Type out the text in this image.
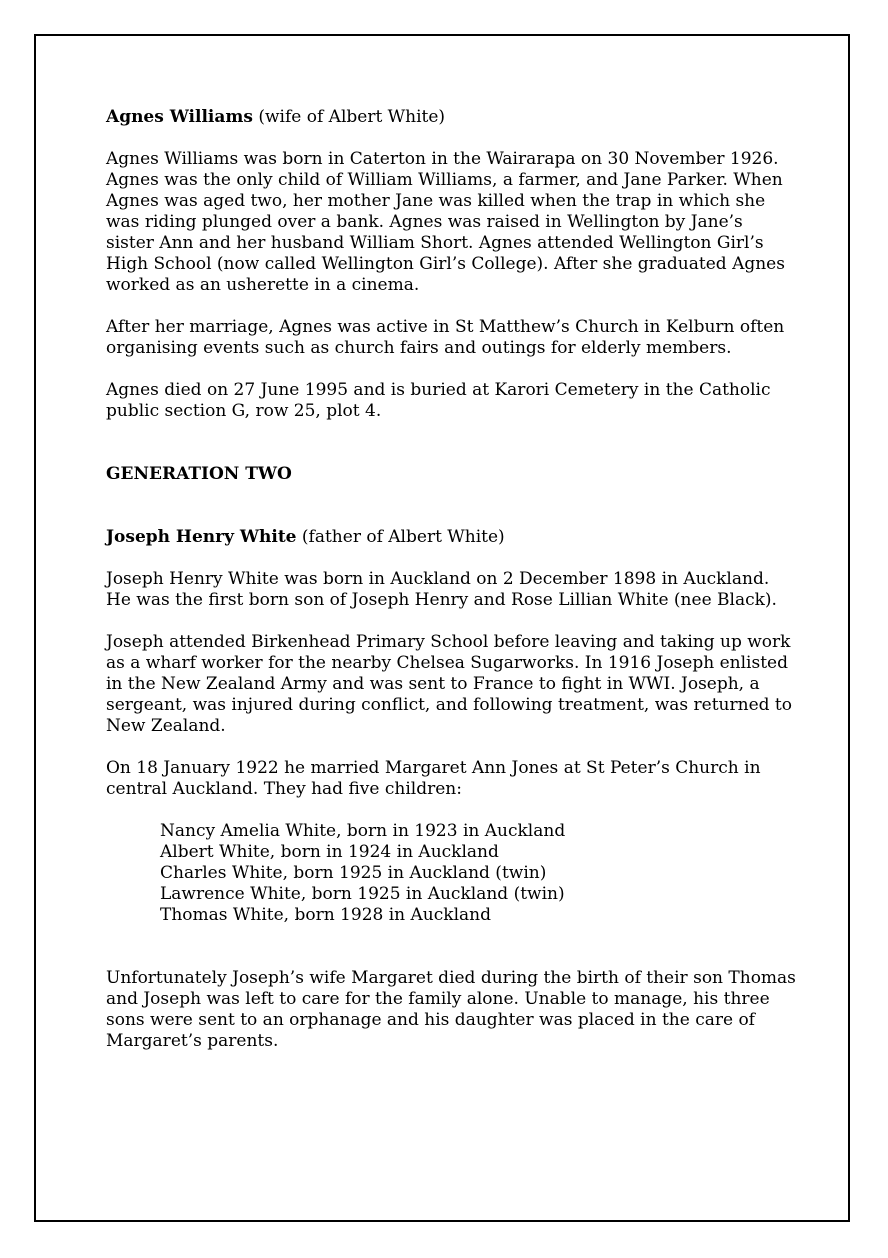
Agnes Williams (wife of Albert White)

Agnes Williams was born in Caterton in the Wairarapa on 30 November 1926. Agnes was the only child of William Williams, a farmer, and Jane Parker. When Agnes was aged two, her mother Jane was killed when the trap in which she was riding plunged over a bank. Agnes was raised in Wellington by Jane’s sister Ann and her husband William Short. Agnes attended Wellington Girl’s High School (now called Wellington Girl’s College). After she graduated Agnes worked as an usherette in a cinema.

After her marriage, Agnes was active in St Matthew’s Church in Kelburn often organising events such as church fairs and outings for elderly members.

Agnes died on 27 June 1995 and is buried at Karori Cemetery in the Catholic public section G, row 25, plot 4.

GENERATION TWO

Joseph Henry White (father of Albert White)

Joseph Henry White was born in Auckland on 2 December 1898 in Auckland. He was the first born son of Joseph Henry and Rose Lillian White (nee Black).

Joseph attended Birkenhead Primary School before leaving and taking up work as a wharf worker for the nearby Chelsea Sugarworks. In 1916 Joseph enlisted in the New Zealand Army and was sent to France to fight in WWI. Joseph, a sergeant, was injured during conflict, and following treatment, was returned to New Zealand.

On 18 January 1922 he married Margaret Ann Jones at St Peter’s Church in central Auckland. They had five children:

Nancy Amelia White, born in 1923 in Auckland
Albert White, born in 1924 in Auckland
Charles White, born 1925 in Auckland (twin)
Lawrence White, born 1925 in Auckland (twin)
Thomas White, born 1928 in Auckland

Unfortunately Joseph’s wife Margaret died during the birth of their son Thomas and Joseph was left to care for the family alone. Unable to manage, his three sons were sent to an orphanage and his daughter was placed in the care of Margaret’s parents.
